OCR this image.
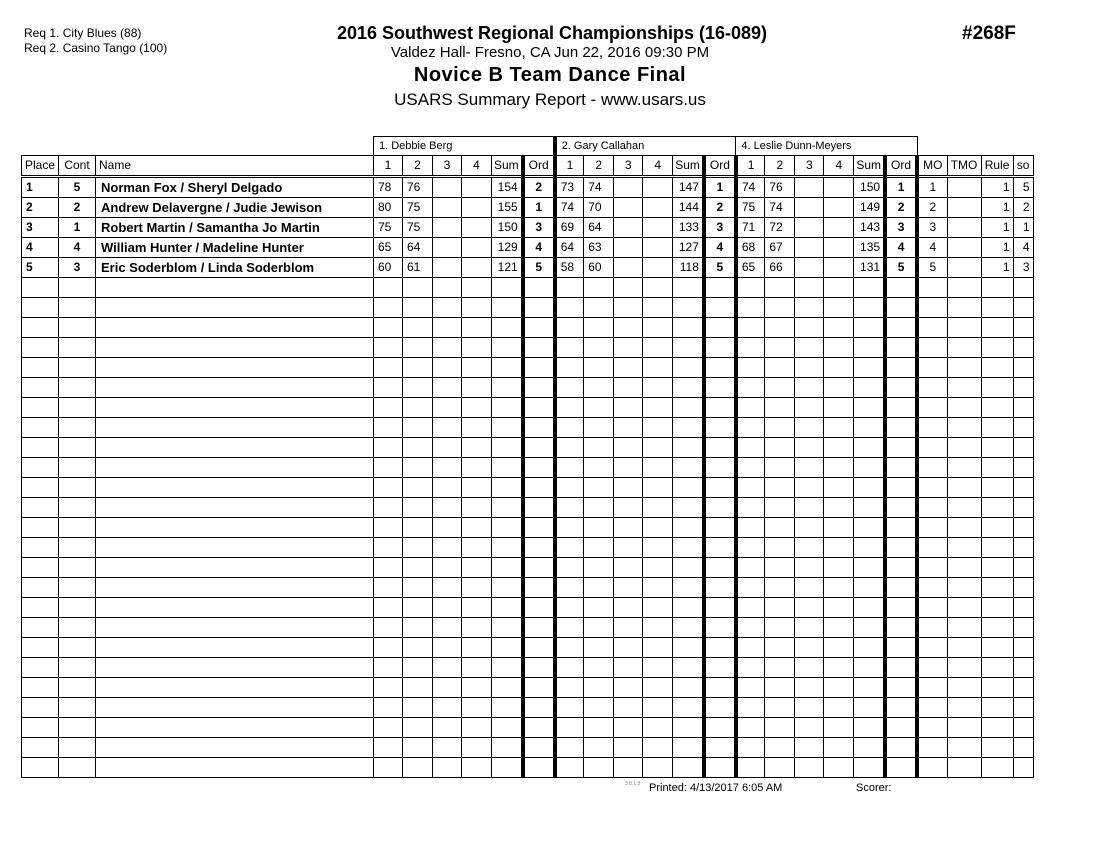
Req 1. City Blues (88)
Req 2. Casino Tango (100)
2016 Southwest Regional Championships (16-089)
Valdez Hall- Fresno, CA Jun 22, 2016 09:30 PM
Novice B Team Dance Final
USARS Summary Report - www.usars.us
#268F
			1. Debbie Berg						2. Gary Callahan						4. Leslie Dunn-Meyers									
Place	Cont	Name	1	2	3	4	Sum	Ord	1	2	3	4	Sum	Ord	1	2	3	4	Sum	Ord	MO	TMO	Rule	so
1	5	Norman Fox / Sheryl Delgado	78	76			154	2	73	74			147	1	74	76			150	1	1		1	5
2	2	Andrew Delavergne / Judie Jewison	80	75			155	1	74	70			144	2	75	74			149	2	2		1	2
3	1	Robert Martin / Samantha Jo Martin	75	75			150	3	69	64			133	3	71	72			143	3	3		1	1
4	4	William Hunter / Madeline Hunter	65	64			129	4	64	63			127	4	68	67			135	4	4		1	4
5	3	Eric Soderblom / Linda Soderblom	60	61			121	5	58	60			118	5	65	66			131	5	5		1	3

3.8.1.8 Printed: 4/13/2017 6:05 AM	Scorer:
